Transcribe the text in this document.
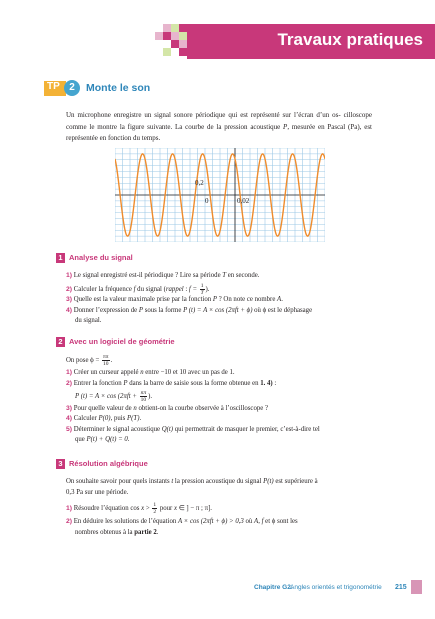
Travaux pratiques
TP 2	Monte le son
Un microphone enregistre un signal sonore périodique qui est représenté sur l’écran d’un os- cilloscope comme le montre la figure suivante. La courbe de la pression acoustique P, mesurée en Pascal (Pa), est représentée en fonction du temps.
0,2
0	0,02
1 Analyse du signal
1) Le signal enregistré est-il périodique ? Lire sa période T en seconde.
2) Calculer la fréquence f du signal (rappel : $f = \frac{1}{T}$ ).
3) Quelle est la valeur maximale prise par la fonction P ? On note ce nombre A.
4) Donner l’expression de P sous la forme P (t) = A × cos (2πft + ϕ) où ϕ est le déphasage
du signal.
2 Avec un logiciel de géométrie
On pose $\phi = \frac{\pi\pi}{10}$ .
1) Créer un curseur appelé n entre −10 et 10 avec un pas de 1.
2) Entrer la fonction P dans la barre de saisie sous la forme obtenue en 1. 4) :
P $(t) = A \times \cos (2\pi ft + \frac{n\pi}{10}$ ).
3) Pour quelle valeur de n obtient-on la courbe observée à l’oscilloscope ?
4) Calculer P(0), puis P(T).
5) Déterminer le signal acoustique Q(t) qui permettrait de masquer le premier, c’est-à-dire tel
que P(t) + Q(t) = 0.
3 Résolution algébrique
On souhaite savoir pour quels instants t la pression acoustique du signal P(t) est supérieure à
0,3 Pa sur une période.
1) Résoudre l’équation $\cos x > \frac{1}{2}$ pour x ∈ ] − π ; π].
2) En déduire les solutions de l’équation A × cos (2πft + ϕ) > 0,3 où A, f et ϕ sont les
nombres obtenus à la partie 2.
Chapitre G2.
Angles orientés et trigonométrie 215
